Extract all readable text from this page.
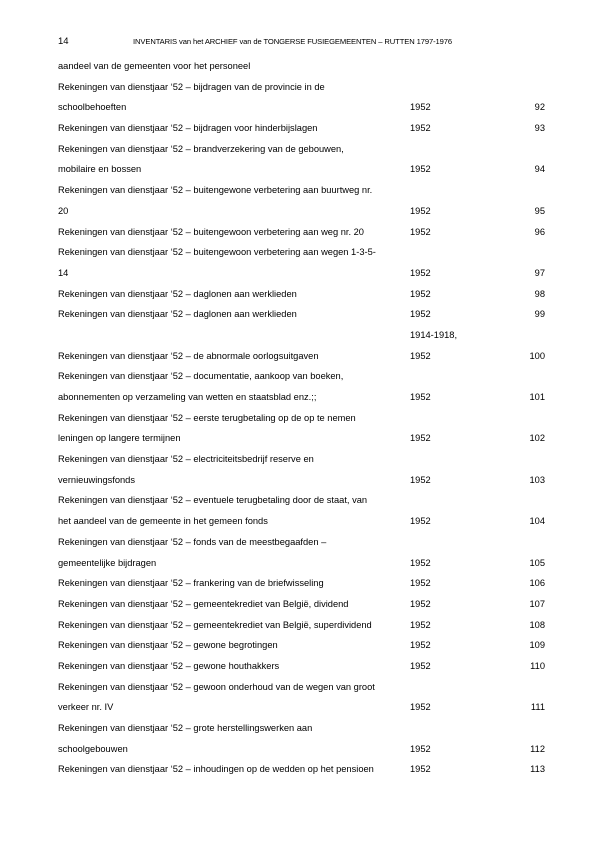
14	INVENTARIS van het ARCHIEF van de TONGERSE FUSIEGEMEENTEN – RUTTEN 1797-1976
aandeel van de gemeenten voor het personeel
Rekeningen van dienstjaar ‘52 – bijdragen van de provincie in de
schoolbehoeften	1952	92
Rekeningen van dienstjaar ‘52 – bijdragen voor hinderbijslagen	1952	93
Rekeningen van dienstjaar ‘52 – brandverzekering van de gebouwen,
mobilaire en bossen	1952	94
Rekeningen van dienstjaar ‘52 – buitengewone verbetering aan buurtweg nr.
20	1952	95
Rekeningen van dienstjaar ‘52 – buitengewoon verbetering aan weg nr. 20	1952	96
Rekeningen van dienstjaar ‘52 – buitengewoon verbetering aan wegen 1-3-5-
14	1952	97
Rekeningen van dienstjaar ‘52 – daglonen aan werklieden	1952	98
Rekeningen van dienstjaar ‘52 – daglonen aan werklieden	1952	99
1914-1918,
Rekeningen van dienstjaar ‘52 – de abnormale oorlogsuitgaven	1952	100
Rekeningen van dienstjaar ‘52 – documentatie, aankoop van boeken,
abonnementen op verzameling van wetten en staatsblad enz.;;	1952	101
Rekeningen van dienstjaar ‘52 – eerste terugbetaling op de op te nemen
leningen op langere termijnen	1952	102
Rekeningen van dienstjaar ‘52 – electriciteitsbedrijf reserve en
vernieuwingsfonds	1952	103
Rekeningen van dienstjaar ‘52 – eventuele terugbetaling door de staat, van
het aandeel van de gemeente in het gemeen fonds	1952	104
Rekeningen van dienstjaar ‘52 – fonds van de meestbegaafden –
gemeentelijke bijdragen	1952	105
Rekeningen van dienstjaar ‘52 – frankering van de briefwisseling	1952	106
Rekeningen van dienstjaar ‘52 – gemeentekrediet van België, dividend	1952	107
Rekeningen van dienstjaar ‘52 – gemeentekrediet van België, superdividend	1952	108
Rekeningen van dienstjaar ‘52 – gewone begrotingen	1952	109
Rekeningen van dienstjaar ‘52 – gewone houthakkers	1952	110
Rekeningen van dienstjaar ‘52 – gewoon onderhoud van de wegen van groot
verkeer nr. IV	1952	111
Rekeningen van dienstjaar ‘52 – grote herstellingswerken aan
schoolgebouwen	1952	112
Rekeningen van dienstjaar ‘52 – inhoudingen op de wedden op het pensioen	1952	113
